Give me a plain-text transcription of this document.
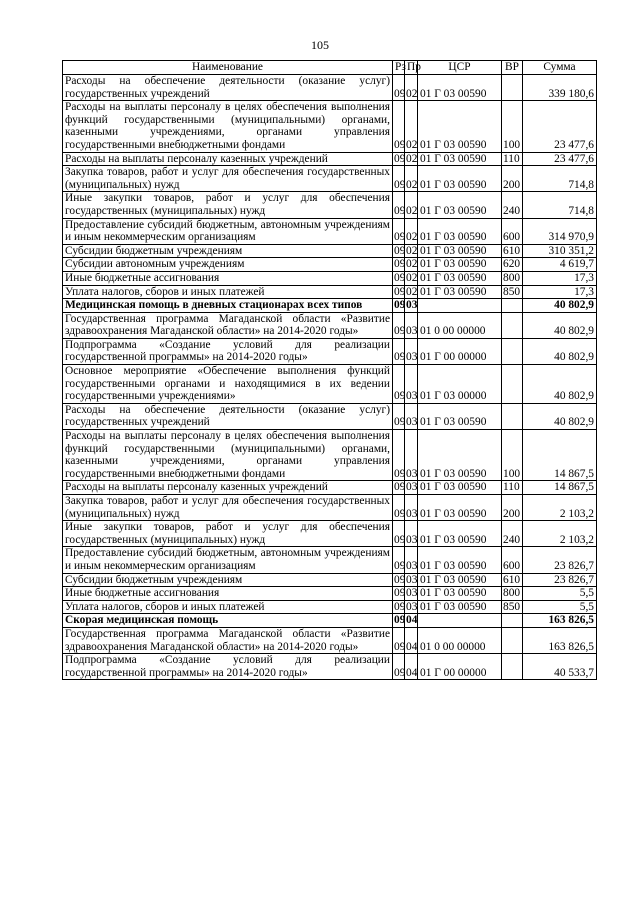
105
Наименование	Рз	Пр	ЦСР	ВР	Сумма
Расходы на обеспечение деятельности (оказание услуг) государственных учреждений	09	02	01 Г 03 00590		339 180,6
Расходы на выплаты персоналу в целях обеспечения выполнения функций государственными (муниципальными) органами, казенными учреждениями, органами управления государственными внебюджетными фондами	09	02	01 Г 03 00590	100	23 477,6
Расходы на выплаты персоналу казенных учреждений	09	02	01 Г 03 00590	110	23 477,6
Закупка товаров, работ и услуг для обеспечения государственных (муниципальных) нужд	09	02	01 Г 03 00590	200	714,8
Иные закупки товаров, работ и услуг для обеспечения государственных (муниципальных) нужд	09	02	01 Г 03 00590	240	714,8
Предоставление субсидий бюджетным, автономным учреждениям и иным некоммерческим организациям	09	02	01 Г 03 00590	600	314 970,9
Субсидии бюджетным учреждениям	09	02	01 Г 03 00590	610	310 351,2
Субсидии автономным учреждениям	09	02	01 Г 03 00590	620	4 619,7
Иные бюджетные ассигнования	09	02	01 Г 03 00590	800	17,3
Уплата налогов, сборов и иных платежей	09	02	01 Г 03 00590	850	17,3
Медицинская помощь в дневных стационарах всех типов	09	03			40 802,9
Государственная программа Магаданской области «Развитие здравоохранения Магаданской области» на 2014-2020 годы»	09	03	01 0 00 00000		40 802,9
Подпрограмма «Создание условий для реализации государственной программы» на 2014-2020 годы»	09	03	01 Г 00 00000		40 802,9
Основное мероприятие «Обеспечение выполнения функций государственными органами и находящимися в их ведении государственными учреждениями»	09	03	01 Г 03 00000		40 802,9
Расходы на обеспечение деятельности (оказание услуг) государственных учреждений	09	03	01 Г 03 00590		40 802,9
Расходы на выплаты персоналу в целях обеспечения выполнения функций государственными (муниципальными) органами, казенными учреждениями, органами управления государственными внебюджетными фондами	09	03	01 Г 03 00590	100	14 867,5
Расходы на выплаты персоналу казенных учреждений	09	03	01 Г 03 00590	110	14 867,5
Закупка товаров, работ и услуг для обеспечения государственных (муниципальных) нужд	09	03	01 Г 03 00590	200	2 103,2
Иные закупки товаров, работ и услуг для обеспечения государственных (муниципальных) нужд	09	03	01 Г 03 00590	240	2 103,2
Предоставление субсидий бюджетным, автономным учреждениям и иным некоммерческим организациям	09	03	01 Г 03 00590	600	23 826,7
Субсидии бюджетным учреждениям	09	03	01 Г 03 00590	610	23 826,7
Иные бюджетные ассигнования	09	03	01 Г 03 00590	800	5,5
Уплата налогов, сборов и иных платежей	09	03	01 Г 03 00590	850	5,5
Скорая медицинская помощь	09	04			163 826,5
Государственная программа Магаданской области «Развитие здравоохранения Магаданской области» на 2014-2020 годы»	09	04	01 0 00 00000		163 826,5
Подпрограмма «Создание условий для реализации государственной программы» на 2014-2020 годы»	09	04	01 Г 00 00000		40 533,7
